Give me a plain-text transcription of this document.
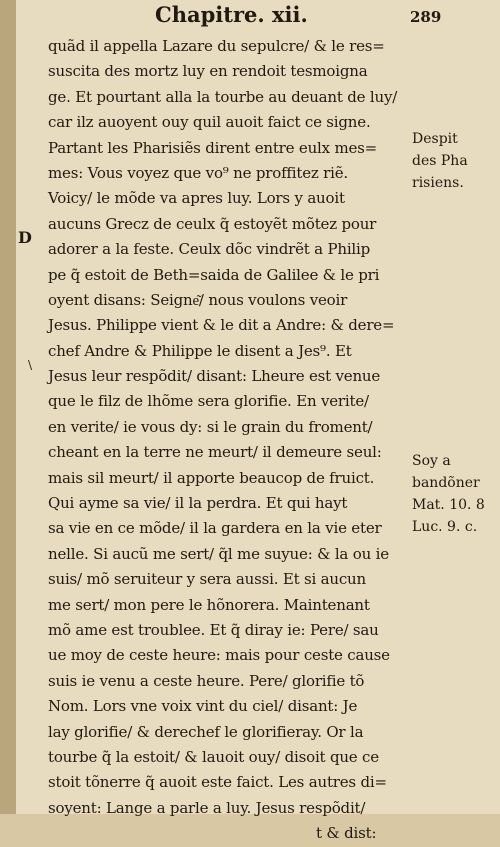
Chapitre. xii.	289
D
\
quãd il appella Lazare du sepulcre/ & le res=
suscita des mortz luy en rendoit tesmoigna
ge. Et pourtant alla la tourbe au deuant de luy/
car ilz auoyent ouy quil auoit faict ce signe.
Partant les Pharisiẽs dirent entre eulx mes=
mes: Vous voyez que vo⁹ ne proffitez riẽ.
Voicy/ le mõde va apres luy. Lors y auoit
aucuns Grecz de ceulx q̃ estoyẽt mõtez pour
adorer a la feste. Ceulx dõc vindrẽt a Philip
pe q̃ estoit de Beth=saida de Galilee & le pri
oyent disans: Seigne͂/ nous voulons veoir
Jesus. Philippe vient & le dit a Andre: & dere=
chef Andre & Philippe le disent a Jes⁹. Et
Jesus leur respõdit/ disant: Lheure est venue
que le filz de lhõme sera glorifie. En verite/
en verite/ ie vous dy: si le grain du froment/
cheant en la terre ne meurt/ il demeure seul:
mais sil meurt/ il apporte beaucop de fruict.
Qui ayme sa vie/ il la perdra. Et qui hayt
sa vie en ce mõde/ il la gardera en la vie eter
nelle. Si aucũ me sert/ q̃l me suyue: & la ou ie
suis/ mõ seruiteur y sera aussi. Et si aucun
me sert/ mon pere le hõnorera. Maintenant
mõ ame est troublee. Et q̃ diray ie: Pere/ sau
ue moy de ceste heure: mais pour ceste cause
suis ie venu a ceste heure. Pere/ glorifie tõ
Nom. Lors vne voix vint du ciel/ disant: Je
lay glorifie/ & derechef le glorifieray. Or la
tourbe q̃ la estoit/ & lauoit ouy/ disoit que ce
stoit tõnerre q̃ auoit este faict. Les autres di=
soyent: Lange a parle a luy. Jesus respõdit/
t & dist:
Despit
des Pha
risiens.
Soy a
bandõner
Mat. 10. 8
Luc. 9. c.
